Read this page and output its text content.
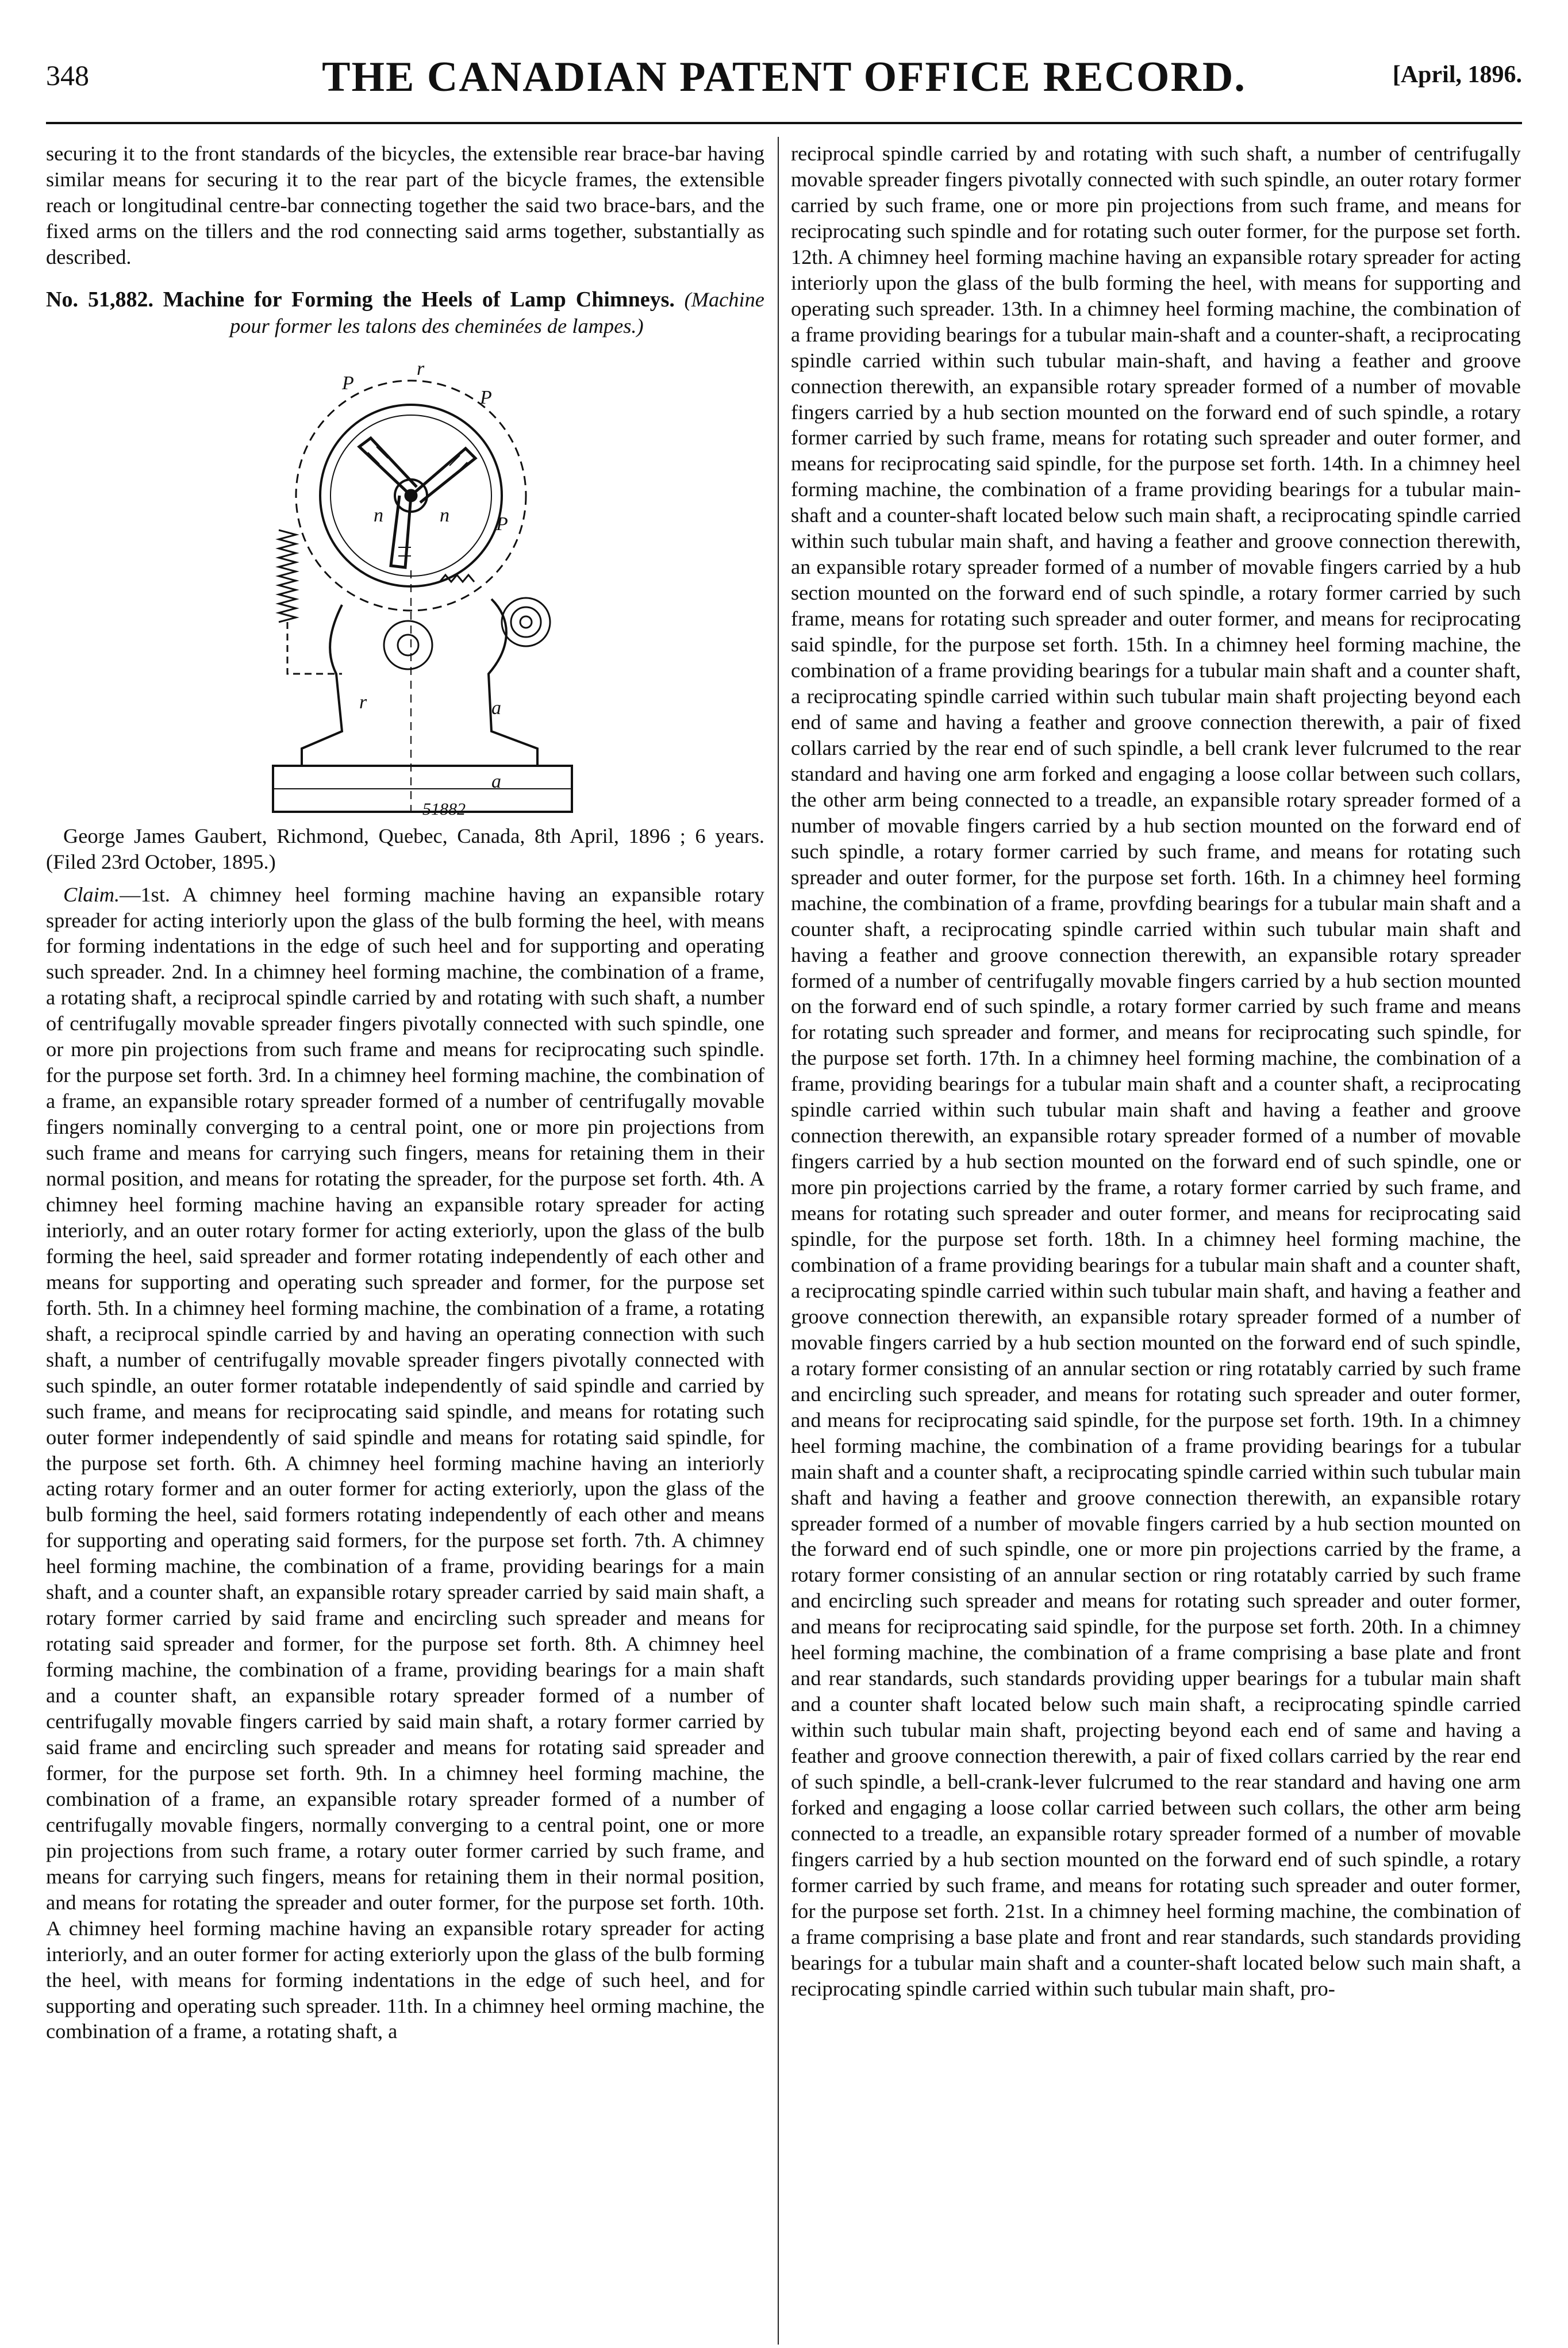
348	THE CANADIAN PATENT OFFICE RECORD.	[April, 1896.

securing it to the front standards of the bicycles, the extensible rear brace-bar having similar means for securing it to the rear part of the bicycle frames, the extensible reach or longitudinal centre-bar connecting together the said two brace-bars, and the fixed arms on the tillers and the rod connecting said arms together, substantially as described.

No. 51,882. Machine for Forming the Heels of Lamp Chimneys. (Machine pour former les talons des cheminées de lampes.)

r
P
P
n	n P
r	a
a
51882

George James Gaubert, Richmond, Quebec, Canada, 8th April, 1896 ; 6 years. (Filed 23rd October, 1895.)

Claim.—1st. A chimney heel forming machine having an expansible rotary spreader for acting interiorly upon the glass of the bulb forming the heel, with means for forming indentations in the edge of such heel and for supporting and operating such spreader. 2nd. In a chimney heel forming machine, the combination of a frame, a rotating shaft, a reciprocal spindle carried by and rotating with such shaft, a number of centrifugally movable spreader fingers pivotally connected with such spindle, one or more pin projections from such frame and means for reciprocating such spindle. for the purpose set forth. 3rd. In a chimney heel forming machine, the combination of a frame, an expansible rotary spreader formed of a number of centrifugally movable fingers nominally converging to a central point, one or more pin projections from such frame and means for carrying such fingers, means for retaining them in their normal position, and means for rotating the spreader, for the purpose set forth. 4th. A chimney heel forming machine having an expansible rotary spreader for acting interiorly, and an outer rotary former for acting exteriorly, upon the glass of the bulb forming the heel, said spreader and former rotating independently of each other and means for supporting and operating such spreader and former, for the purpose set forth. 5th. In a chimney heel forming machine, the combination of a frame, a rotating shaft, a reciprocal spindle carried by and having an operating connection with such shaft, a number of centrifugally movable spreader fingers pivotally connected with such spindle, an outer former rotatable independently of said spindle and carried by such frame, and means for reciprocating said spindle, and means for rotating such outer former independently of said spindle and means for rotating said spindle, for the purpose set forth. 6th. A chimney heel forming machine having an interiorly acting rotary former and an outer former for acting exteriorly, upon the glass of the bulb forming the heel, said formers rotating independently of each other and means for supporting and operating said formers, for the purpose set forth. 7th. A chimney heel forming machine, the combination of a frame, providing bearings for a main shaft, and a counter shaft, an expansible rotary spreader carried by said main shaft, a rotary former carried by said frame and encircling such spreader and means for rotating said spreader and former, for the purpose set forth. 8th. A chimney heel forming machine, the combination of a frame, providing bearings for a main shaft and a counter shaft, an expansible rotary spreader formed of a number of centrifugally movable fingers carried by said main shaft, a rotary former carried by said frame and encircling such spreader and means for rotating said spreader and former, for the purpose set forth. 9th. In a chimney heel forming machine, the combination of a frame, an expansible rotary spreader formed of a number of centrifugally movable fingers, normally converging to a central point, one or more pin projections from such frame, a rotary outer former carried by such frame, and means for carrying such fingers, means for retaining them in their normal position, and means for rotating the spreader and outer former, for the purpose set forth. 10th. A chimney heel forming machine having an expansible rotary spreader for acting interiorly, and an outer former for acting exteriorly upon the glass of the bulb forming the heel, with means for forming indentations in the edge of such heel, and for supporting and operating such spreader. 11th. In a chimney heel orming machine, the combination of a frame, a rotating shaft, a

reciprocal spindle carried by and rotating with such shaft, a number of centrifugally movable spreader fingers pivotally connected with such spindle, an outer rotary former carried by such frame, one or more pin projections from such frame, and means for reciprocating such spindle and for rotating such outer former, for the purpose set forth. 12th. A chimney heel forming machine having an expansible rotary spreader for acting interiorly upon the glass of the bulb forming the heel, with means for supporting and operating such spreader. 13th. In a chimney heel forming machine, the combination of a frame providing bearings for a tubular main-shaft and a counter-shaft, a reciprocating spindle carried within such tubular main-shaft, and having a feather and groove connection therewith, an expansible rotary spreader formed of a number of movable fingers carried by a hub section mounted on the forward end of such spindle, a rotary former carried by such frame, means for rotating such spreader and outer former, and means for reciprocating said spindle, for the purpose set forth. 14th. In a chimney heel forming machine, the combination of a frame providing bearings for a tubular main-shaft and a counter-shaft located below such main shaft, a reciprocating spindle carried within such tubular main shaft, and having a feather and groove connection therewith, an expansible rotary spreader formed of a number of movable fingers carried by a hub section mounted on the forward end of such spindle, a rotary former carried by such frame, means for rotating such spreader and outer former, and means for reciprocating said spindle, for the purpose set forth. 15th. In a chimney heel forming machine, the combination of a frame providing bearings for a tubular main shaft and a counter shaft, a reciprocating spindle carried within such tubular main shaft projecting beyond each end of same and having a feather and groove connection therewith, a pair of fixed collars carried by the rear end of such spindle, a bell crank lever fulcrumed to the rear standard and having one arm forked and engaging a loose collar between such collars, the other arm being connected to a treadle, an expansible rotary spreader formed of a number of movable fingers carried by a hub section mounted on the forward end of such spindle, a rotary former carried by such frame, and means for rotating such spreader and outer former, for the purpose set forth. 16th. In a chimney heel forming machine, the combination of a frame, provfding bearings for a tubular main shaft and a counter shaft, a reciprocating spindle carried within such tubular main shaft and having a feather and groove connection therewith, an expansible rotary spreader formed of a number of centrifugally movable fingers carried by a hub section mounted on the forward end of such spindle, a rotary former carried by such frame and means for rotating such spreader and former, and means for reciprocating such spindle, for the purpose set forth. 17th. In a chimney heel forming machine, the combination of a frame, providing bearings for a tubular main shaft and a counter shaft, a reciprocating spindle carried within such tubular main shaft and having a feather and groove connection therewith, an expansible rotary spreader formed of a number of movable fingers carried by a hub section mounted on the forward end of such spindle, one or more pin projections carried by the frame, a rotary former carried by such frame, and means for rotating such spreader and outer former, and means for reciprocating said spindle, for the purpose set forth. 18th. In a chimney heel forming machine, the combination of a frame providing bearings for a tubular main shaft and a counter shaft, a reciprocating spindle carried within such tubular main shaft, and having a feather and groove connection therewith, an expansible rotary spreader formed of a number of movable fingers carried by a hub section mounted on the forward end of such spindle, a rotary former consisting of an annular section or ring rotatably carried by such frame and encircling such spreader, and means for rotating such spreader and outer former, and means for reciprocating said spindle, for the purpose set forth. 19th. In a chimney heel forming machine, the combination of a frame providing bearings for a tubular main shaft and a counter shaft, a reciprocating spindle carried within such tubular main shaft and having a feather and groove connection therewith, an expansible rotary spreader formed of a number of movable fingers carried by a hub section mounted on the forward end of such spindle, one or more pin projections carried by the frame, a rotary former consisting of an annular section or ring rotatably carried by such frame and encircling such spreader and means for rotating such spreader and outer former, and means for reciprocating said spindle, for the purpose set forth. 20th. In a chimney heel forming machine, the combination of a frame comprising a base plate and front and rear standards, such standards providing upper bearings for a tubular main shaft and a counter shaft located below such main shaft, a reciprocating spindle carried within such tubular main shaft, projecting beyond each end of same and having a feather and groove connection therewith, a pair of fixed collars carried by the rear end of such spindle, a bell-crank-lever fulcrumed to the rear standard and having one arm forked and engaging a loose collar carried between such collars, the other arm being connected to a treadle, an expansible rotary spreader formed of a number of movable fingers carried by a hub section mounted on the forward end of such spindle, a rotary former carried by such frame, and means for rotating such spreader and outer former, for the purpose set forth. 21st. In a chimney heel forming machine, the combination of a frame comprising a base plate and front and rear standards, such standards providing bearings for a tubular main shaft and a counter-shaft located below such main shaft, a reciprocating spindle carried within such tubular main shaft, pro-
